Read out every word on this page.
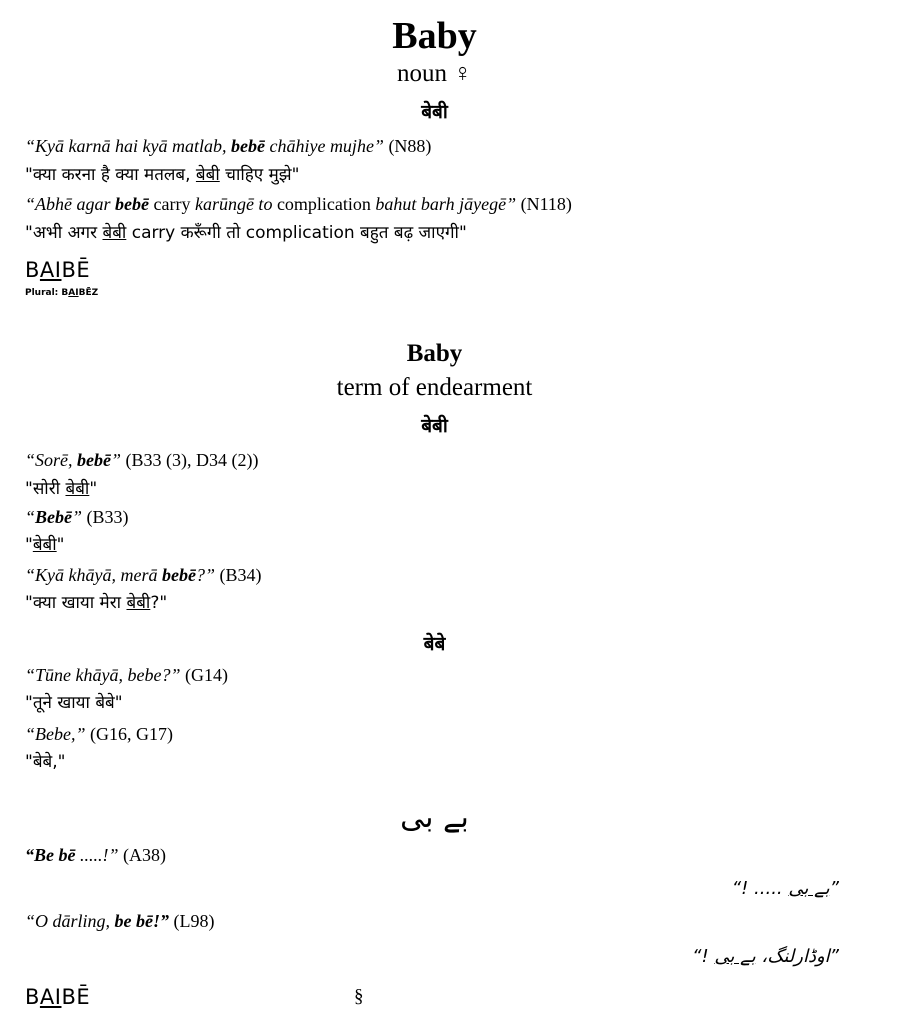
Baby
noun ♀
बेबी
“Kyā karnā hai kyā matlab, bebē chāhiye mujhe” (N88)
"क्या करना है क्या मतलब, बेबी चाहिए मुझे"
“Abhē agar bebē carry karūngē to complication bahut barh jāyegē” (N118)
"अभी अगर बेबी carry करूँगी तो complication बहुत बढ़ जाएगी"
BAIBĒ
Plural: BAIBĒZ
Baby
term of endearment
बेबी
“Sorē, bebē” (B33 (3), D34 (2))
"सोरी बेबी"
“Bebē” (B33)
"बेबी"
“Kyā khāyā, merā bebē?” (B34)
"क्या खाया मेरा बेबी?"
बेबे
“Tūne khāyā, bebe?” (G14)
"तूने खाया बेबे"
“Bebe,” (G16, G17)
"बेबे,"
بے بی
“Be bē .....!” (A38)
”بے بی ..... !“
“O dārling, be bē!” (L98)
”اوڈارلنگ، بے بی !“
BAIBĒ	§
